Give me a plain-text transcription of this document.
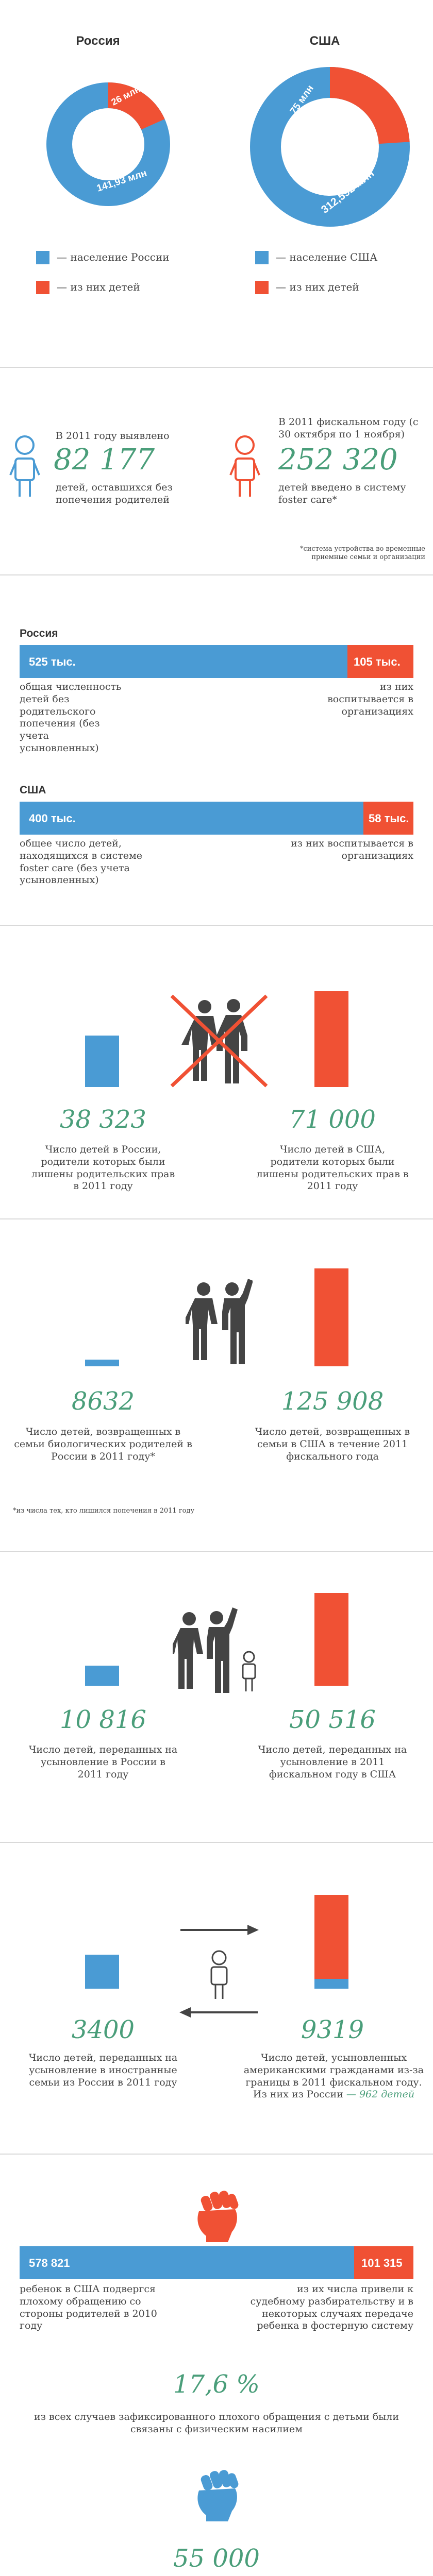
Россия	США
26 млн
141,93 млн
75 млн
312,592 млн
— население России
— из них детей
— население США
— из них детей
В 2011 году выявлено
82 177
детей, оставшихся без попечения родителей
В 2011 фискальном году (с 30 октября по 1 ноября)
252 320
детей введено в систему foster care*
*система устройства во временные приемные семьи и организации
Россия
525 тыс.	105 тыс.
общая численность детей без родительского попечения (без учета усыновленных)
из них воспитывается в организациях
США
400 тыс.	58 тыс.
общее число детей, находящихся в системе foster care (без учета усыновленных)
из них воспитывается в организациях
38 323
Число детей в России, родители которых были лишены родительских прав в 2011 году
71 000
Число детей в США, родители которых были лишены родительских прав в 2011 году
8632
Число детей, возвращенных в семьи биологических родителей в России в 2011 году*
125 908
Число детей, возвращенных в семьи в США в течение 2011 фискального года
*из числа тех, кто лишился попечения в 2011 году
10 816
Число детей, переданных на усыновление в России в 2011 году
50 516
Число детей, переданных на усыновление в 2011 фискальном году в США
3400
Число детей, переданных на усыновление в иностранные семьи из России в 2011 году
9319
Число детей, усыновленных американскими гражданами из-за границы в 2011 фискальном году. Из них из России — 962 детей
578 821	101 315
ребенок в США подвергся плохому обращению со стороны родителей в 2010 году
из их числа привели к судебному разбирательству и в некоторых случаях передаче ребенка в фостерную систему
17,6 %
из всех случаев зафиксированного плохого обращения с детьми были связаны с физическим насилием
55 000
